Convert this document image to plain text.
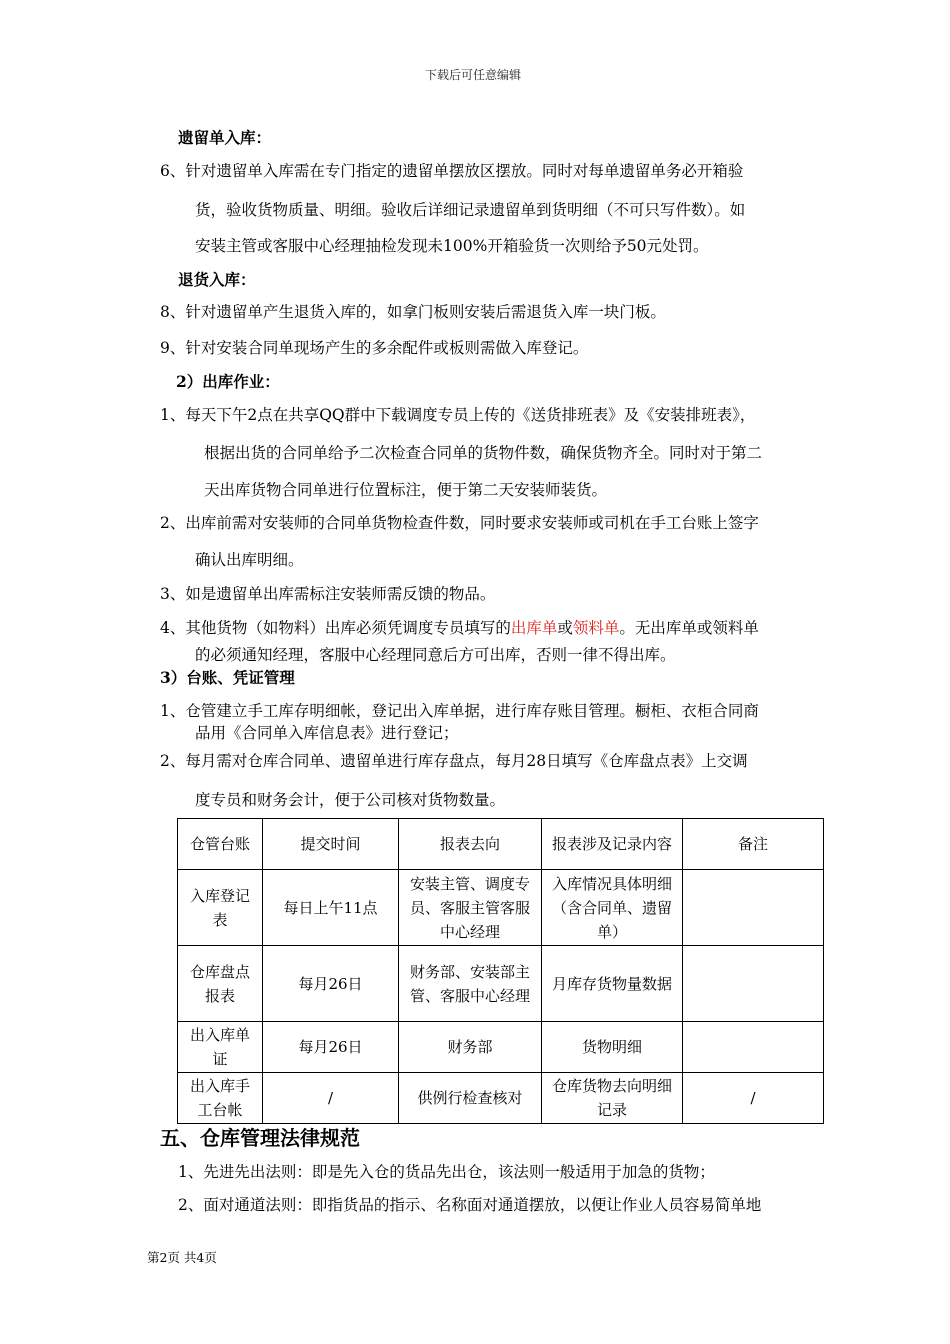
下载后可任意编辑
遗留单入库：
6、针对遗留单入库需在专门指定的遗留单摆放区摆放。同时对每单遗留单务必开箱验
货，验收货物质量、明细。验收后详细记录遗留单到货明细（不可只写件数）。如
安装主管或客服中心经理抽检发现未100%开箱验货一次则给予50元处罚。
退货入库：
8、针对遗留单产生退货入库的，如拿门板则安装后需退货入库一块门板。
9、针对安装合同单现场产生的多余配件或板则需做入库登记。
2）出库作业：
1、每天下午2点在共享QQ群中下载调度专员上传的《送货排班表》及《安装排班表》，
根据出货的合同单给予二次检查合同单的货物件数，确保货物齐全。同时对于第二
天出库货物合同单进行位置标注，便于第二天安装师装货。
2、出库前需对安装师的合同单货物检查件数，同时要求安装师或司机在手工台账上签字
确认出库明细。
3、如是遗留单出库需标注安装师需反馈的物品。
4、其他货物（如物料）出库必须凭调度专员填写的出库单或领料单。无出库单或领料单
的必须通知经理，客服中心经理同意后方可出库，否则一律不得出库。
3）台账、凭证管理
1、仓管建立手工库存明细帐，登记出入库单据，进行库存账目管理。橱柜、衣柜合同商
品用《合同单入库信息表》进行登记；
2、每月需对仓库合同单、遗留单进行库存盘点，每月28日填写《仓库盘点表》上交调
度专员和财务会计，便于公司核对货物数量。
仓管台账	提交时间	报表去向	报表涉及记录内容	备注
入库登记表	每日上午11点	安装主管、调度专员、客服主管客服中心经理	入库情况具体明细（含合同单、遗留单）	
仓库盘点报表	每月26日	财务部、安装部主管、客服中心经理	月库存货物量数据	
出入库单证	每月26日	财务部	货物明细	
出入库手工台帐	/	供例行检查核对	仓库货物去向明细记录	/
五、仓库管理法律规范
1、先进先出法则：即是先入仓的货品先出仓，该法则一般适用于加急的货物；
2、面对通道法则：即指货品的指示、名称面对通道摆放，以便让作业人员容易简单地
第2页 共4页
